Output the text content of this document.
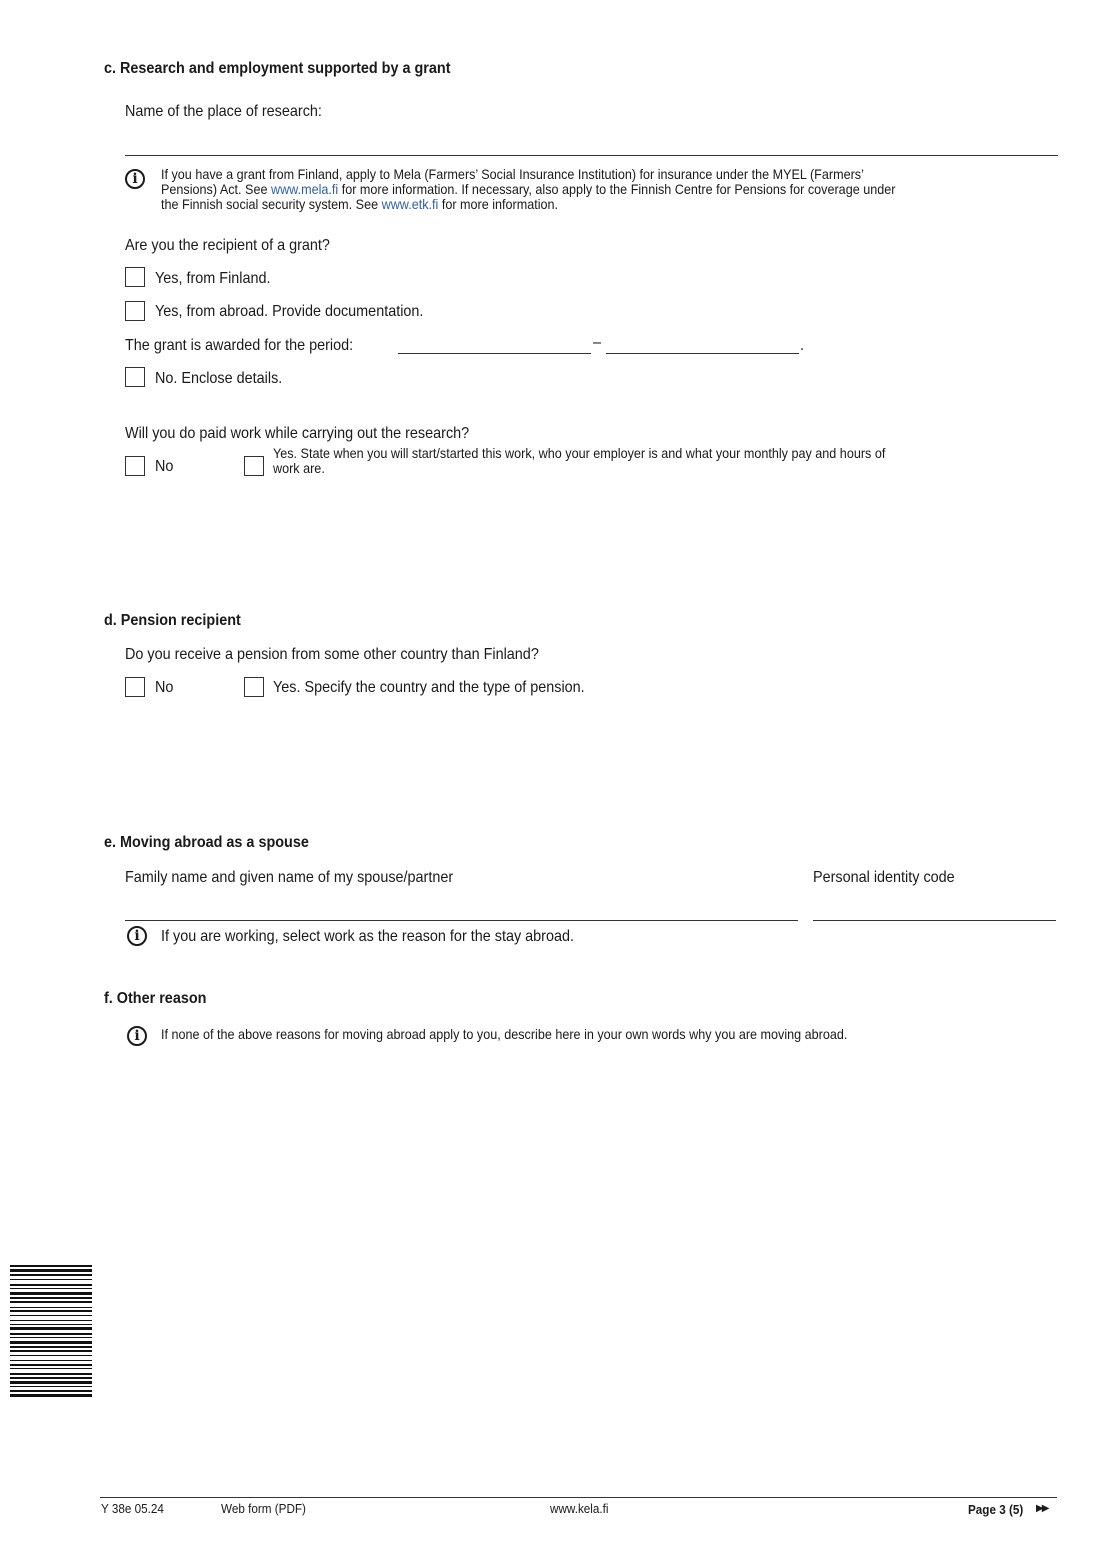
c. Research and employment supported by a grant
Name of the place of research:
i	If you have a grant from Finland, apply to Mela (Farmers’ Social Insurance Institution) for insurance under the MYEL (Farmers’
Pensions) Act. See www.mela.fi for more information. If necessary, also apply to the Finnish Centre for Pensions for coverage under
the Finnish social security system. See www.etk.fi for more information.
Are you the recipient of a grant?
Yes, from Finland.
Yes, from abroad. Provide documentation.
The grant is awarded for the period:	–	.
No. Enclose details.
Will you do paid work while carrying out the research?
No
Yes. State when you will start/started this work, who your employer is and what your monthly pay and hours of
work are.
d. Pension recipient
Do you receive a pension from some other country than Finland?
No	Yes. Specify the country and the type of pension.
e. Moving abroad as a spouse
Family name and given name of my spouse/partner	Personal identity code
i	If you are working, select work as the reason for the stay abroad.
f. Other reason
i	If none of the above reasons for moving abroad apply to you, describe here in your own words why you are moving abroad.
Y 38e 05.24	Web form (PDF)	www.kela.fi	Page 3 (5) ▶▶
